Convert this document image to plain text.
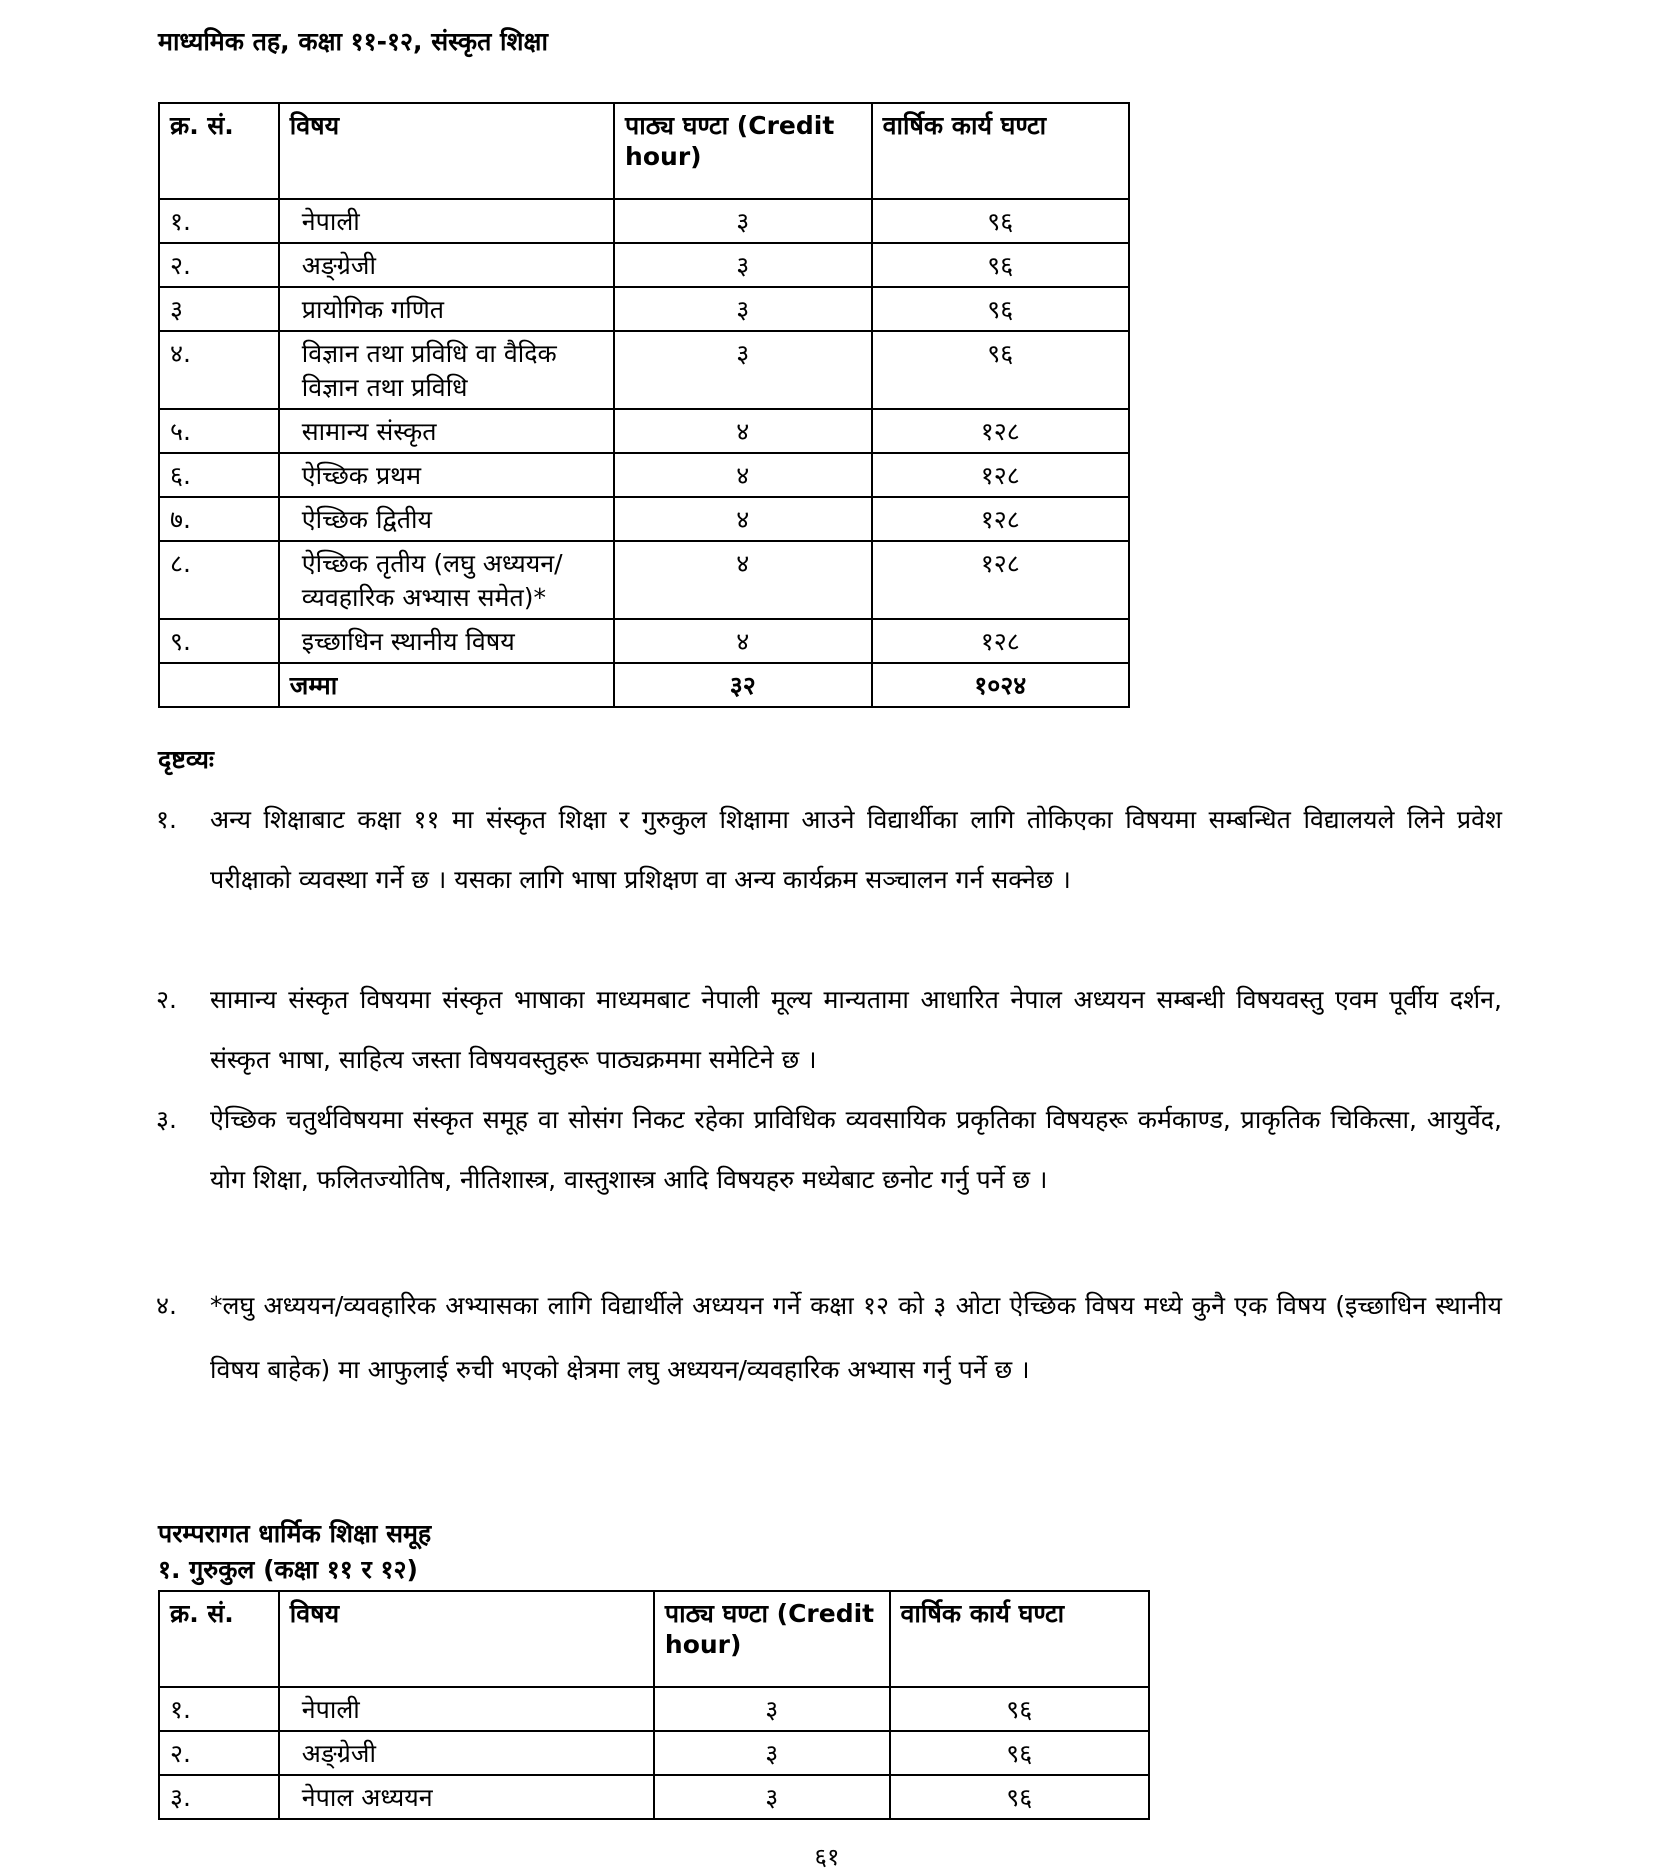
माध्यमिक तह, कक्षा ११-१२, संस्कृत शिक्षा
क्र. सं.	विषय	पाठ्य घण्टा (Credit hour)	वार्षिक कार्य घण्टा
१.	नेपाली	३	९६
२.	अङ्ग्रेजी	३	९६
३	प्रायोगिक गणित	३	९६
४.	विज्ञान तथा प्रविधि वा वैदिक विज्ञान तथा प्रविधि	३	९६
५.	सामान्य संस्कृत	४	१२८
६.	ऐच्छिक प्रथम	४	१२८
७.	ऐच्छिक द्वितीय	४	१२८
८.	ऐच्छिक तृतीय (लघु अध्ययन/व्यवहारिक अभ्यास समेत)*	४	१२८
९.	इच्छाधिन स्थानीय विषय	४	१२८
	जम्मा	३२	१०२४
दृष्टव्यः
१. अन्य शिक्षाबाट कक्षा ११ मा संस्कृत शिक्षा र गुरुकुल शिक्षामा आउने विद्यार्थीका लागि तोकिएका विषयमा सम्बन्धित विद्यालयले लिने प्रवेश परीक्षाको व्यवस्था गर्ने छ । यसका लागि भाषा प्रशिक्षण वा अन्य कार्यक्रम सञ्चालन गर्न सक्नेछ ।
२. सामान्य संस्कृत विषयमा संस्कृत भाषाका माध्यमबाट नेपाली मूल्य मान्यतामा आधारित नेपाल अध्ययन सम्बन्धी विषयवस्तु एवम पूर्वीय दर्शन, संस्कृत भाषा, साहित्य जस्ता विषयवस्तुहरू पाठ्यक्रममा समेटिने छ ।
३. ऐच्छिक चतुर्थविषयमा संस्कृत समूह वा सोसंग निकट रहेका प्राविधिक व्यवसायिक प्रकृतिका विषयहरू कर्मकाण्ड, प्राकृतिक चिकित्सा, आयुर्वेद, योग शिक्षा, फलितज्योतिष, नीतिशास्त्र, वास्तुशास्त्र आदि विषयहरु मध्येबाट छनोट गर्नु पर्ने छ ।
४. *लघु अध्ययन/व्यवहारिक अभ्यासका लागि विद्यार्थीले अध्ययन गर्ने कक्षा १२ को ३ ओटा ऐच्छिक विषय मध्ये कुनै एक विषय (इच्छाधिन स्थानीय विषय बाहेक) मा आफुलाई रुची भएको क्षेत्रमा लघु अध्ययन/व्यवहारिक अभ्यास गर्नु पर्ने छ ।
परम्परागत धार्मिक शिक्षा समूह
१. गुरुकुल (कक्षा ११ र १२)
क्र. सं.	विषय	पाठ्य घण्टा (Credit hour)	वार्षिक कार्य घण्टा
१.	नेपाली	३	९६
२.	अङ्ग्रेजी	३	९६
३.	नेपाल अध्ययन	३	९६
६१
